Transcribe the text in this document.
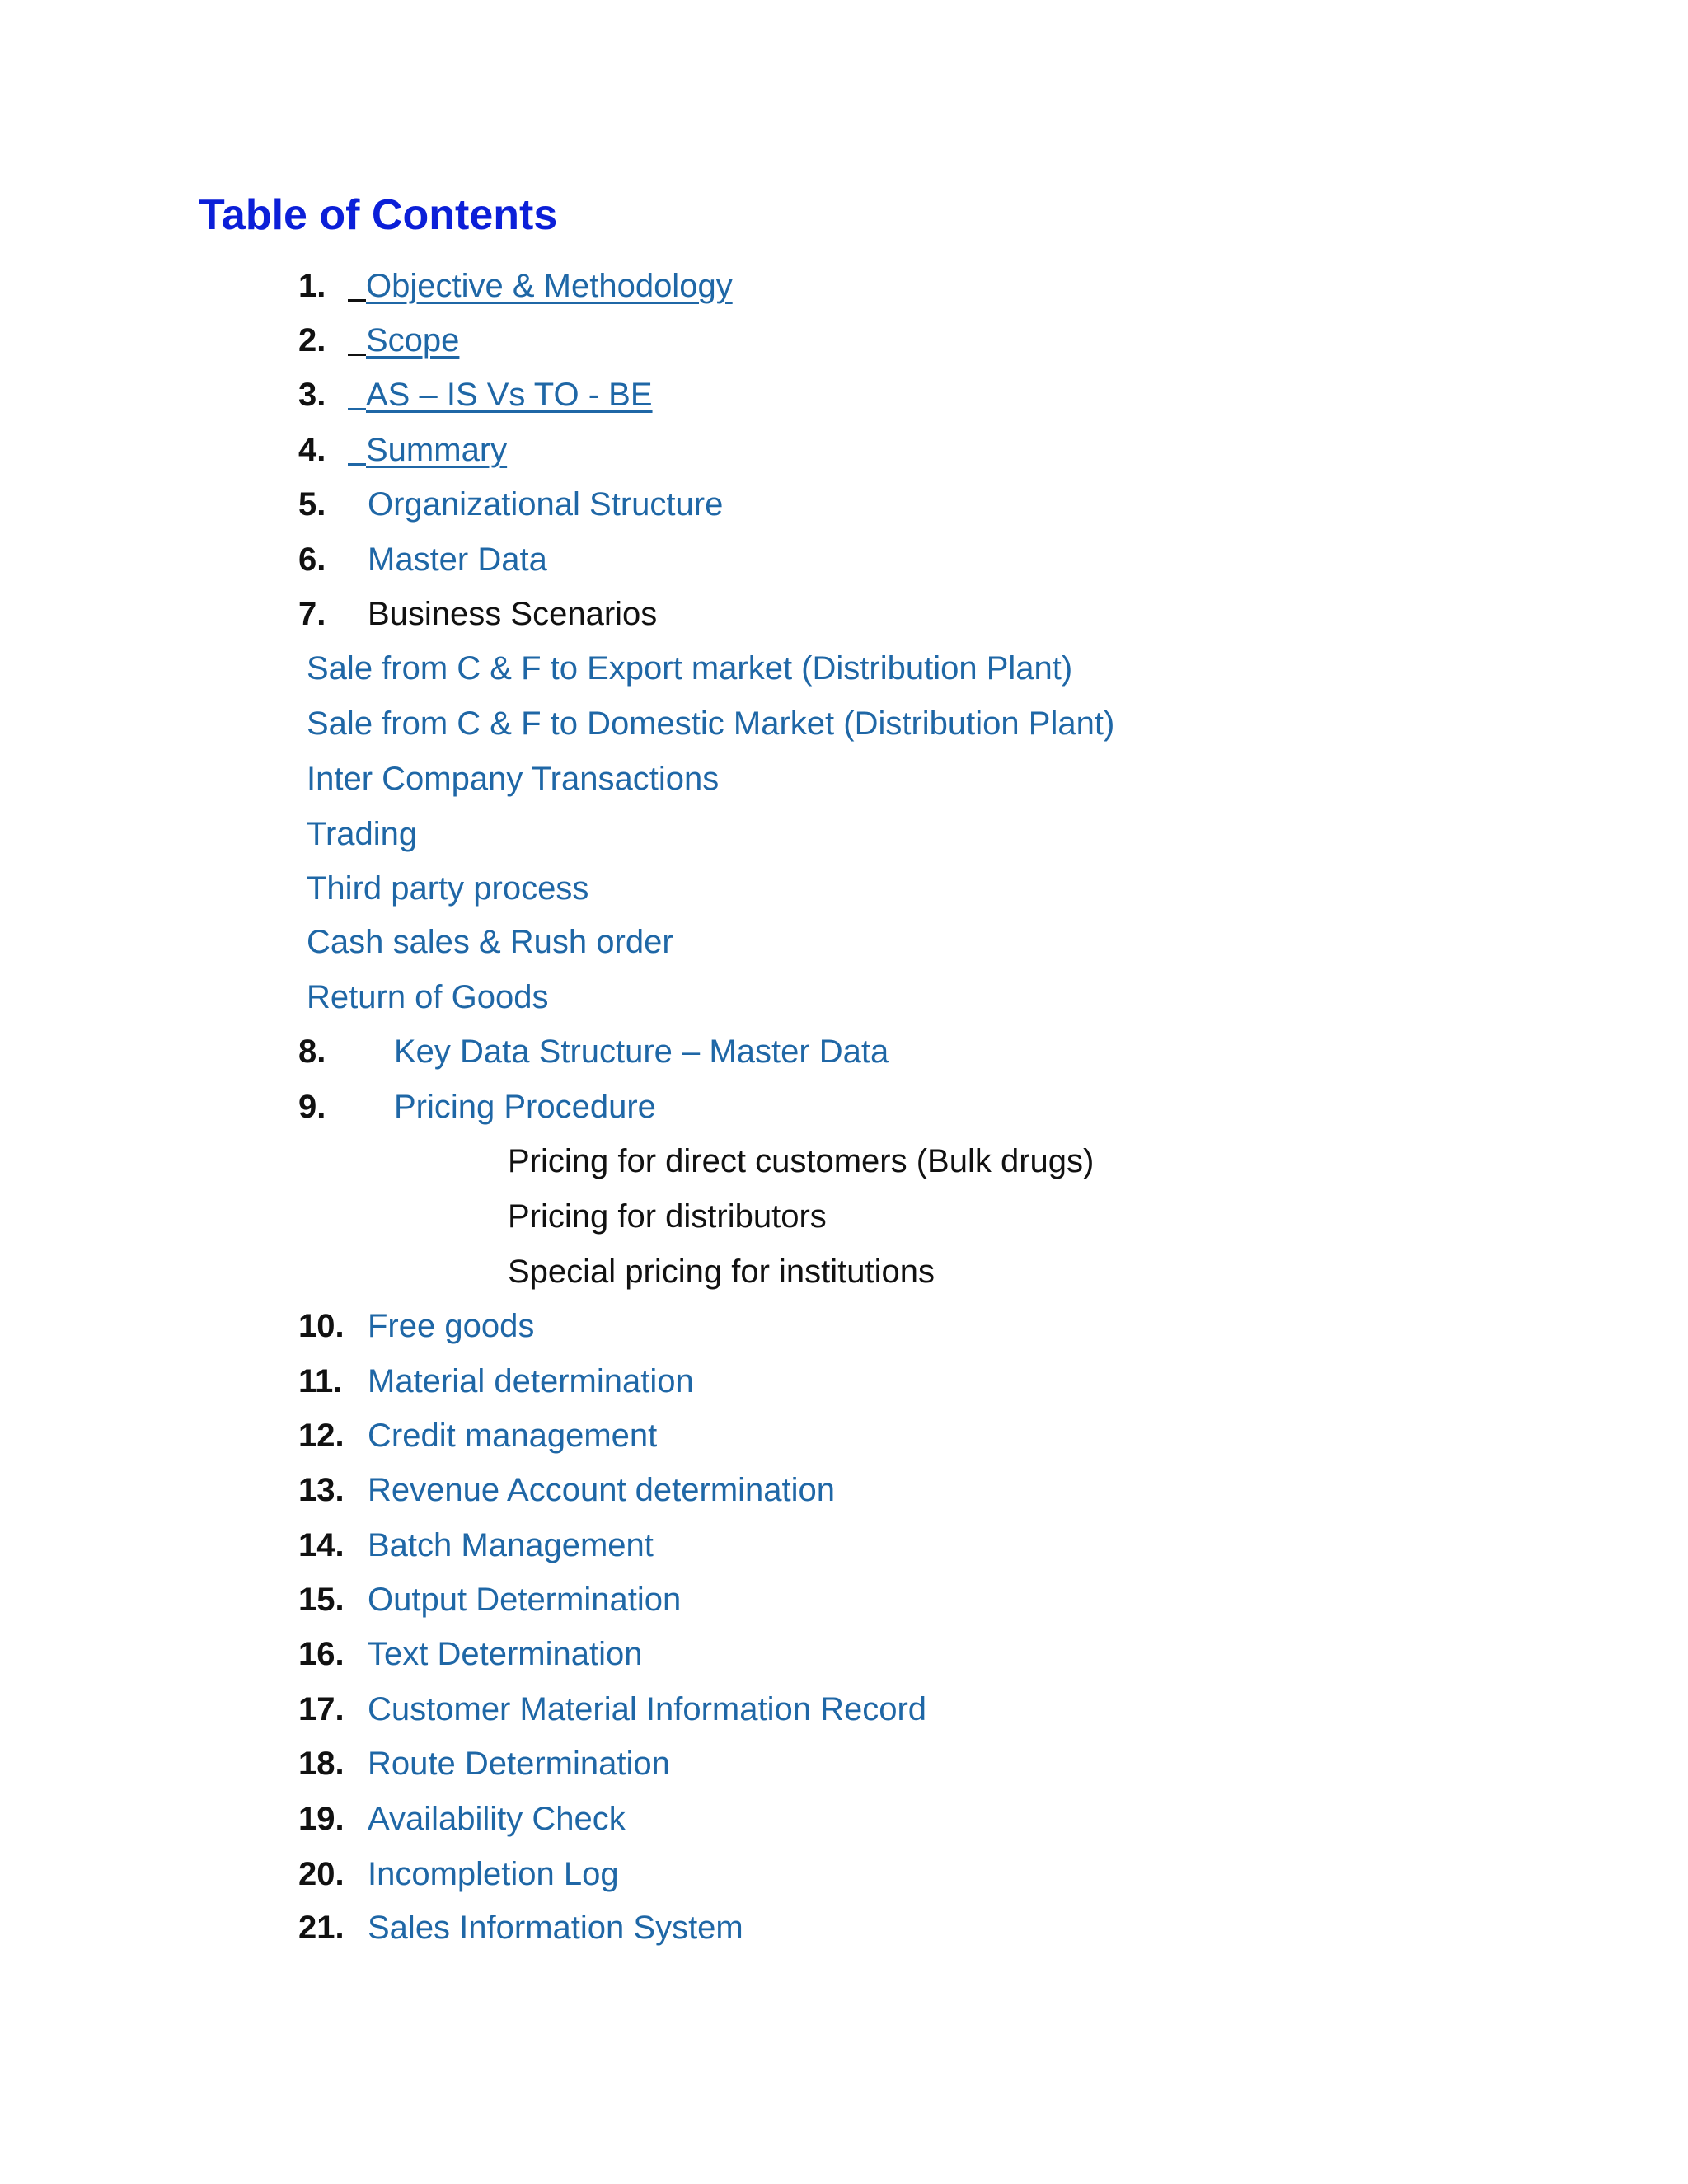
Table of Contents
1.	Objective & Methodology
2.	Scope
3.	AS – IS Vs TO - BE
4.	Summary
5. Organizational Structure
6. Master Data
7. Business Scenarios
Sale from C & F to Export market (Distribution Plant)
Sale from C & F to Domestic Market (Distribution Plant)
Inter Company Transactions
Trading
Third party process
Cash sales & Rush order
Return of Goods
8. Key Data Structure – Master Data
9. Pricing Procedure
Pricing for direct customers (Bulk drugs)
Pricing for distributors
Special pricing for institutions
10. Free goods
11. Material determination
12. Credit management
13. Revenue Account determination
14. Batch Management
15. Output Determination
16. Text Determination
17. Customer Material Information Record
18. Route Determination
19. Availability Check
20. Incompletion Log
21. Sales Information System
